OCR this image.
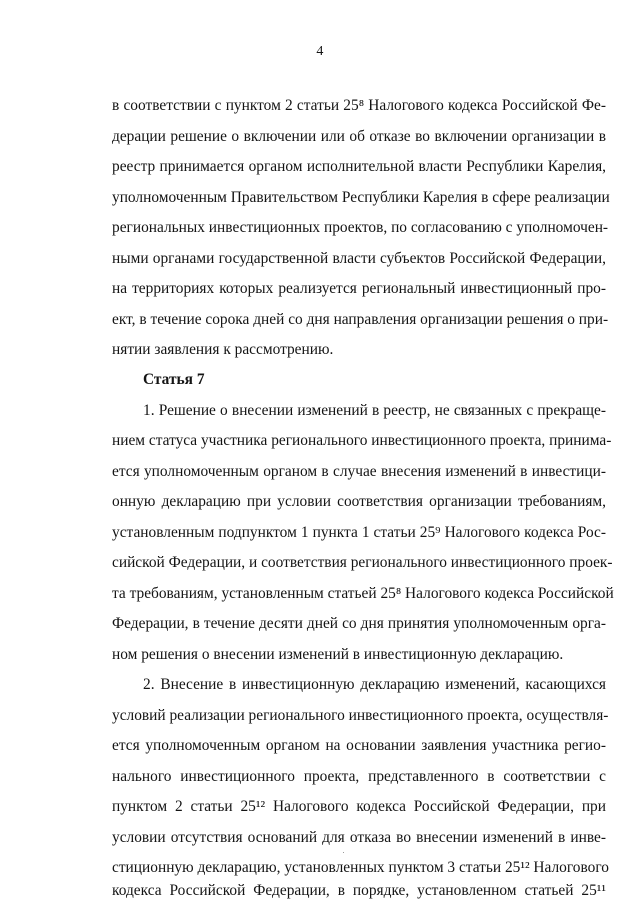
4
в соответствии с пунктом 2 статьи 25⁸ Налогового кодекса Российской Фе-
дерации решение о включении или об отказе во включении организации в
реестр принимается органом исполнительной власти Республики Карелия,
уполномоченным Правительством Республики Карелия в сфере реализации
региональных инвестиционных проектов, по согласованию с уполномочен-
ными органами государственной власти субъектов Российской Федерации,
на территориях которых реализуется региональный инвестиционный про-
ект, в течение сорока дней со дня направления организации решения о при-
нятии заявления к рассмотрению.
Статья 7
1. Решение о внесении изменений в реестр, не связанных с прекраще-
нием статуса участника регионального инвестиционного проекта, принима-
ется уполномоченным органом в случае внесения изменений в инвестици-
онную декларацию при условии соответствия организации требованиям,
установленным подпунктом 1 пункта 1 статьи 25⁹ Налогового кодекса Рос-
сийской Федерации, и соответствия регионального инвестиционного проек-
та требованиям, установленным статьей 25⁸ Налогового кодекса Российской
Федерации, в течение десяти дней со дня принятия уполномоченным орга-
ном решения о внесении изменений в инвестиционную декларацию.
2. Внесение в инвестиционную декларацию изменений, касающихся
условий реализации регионального инвестиционного проекта, осуществля-
ется уполномоченным органом на основании заявления участника регио-
нального инвестиционного проекта, представленного в соответствии с
пунктом 2 статьи 25¹² Налогового кодекса Российской Федерации, при
условии отсутствия оснований для отказа во внесении изменений в инве-
стиционную декларацию, установленных пунктом 3 статьи 25¹² Налогового
кодекса Российской Федерации, в порядке, установленном статьей 25¹¹
